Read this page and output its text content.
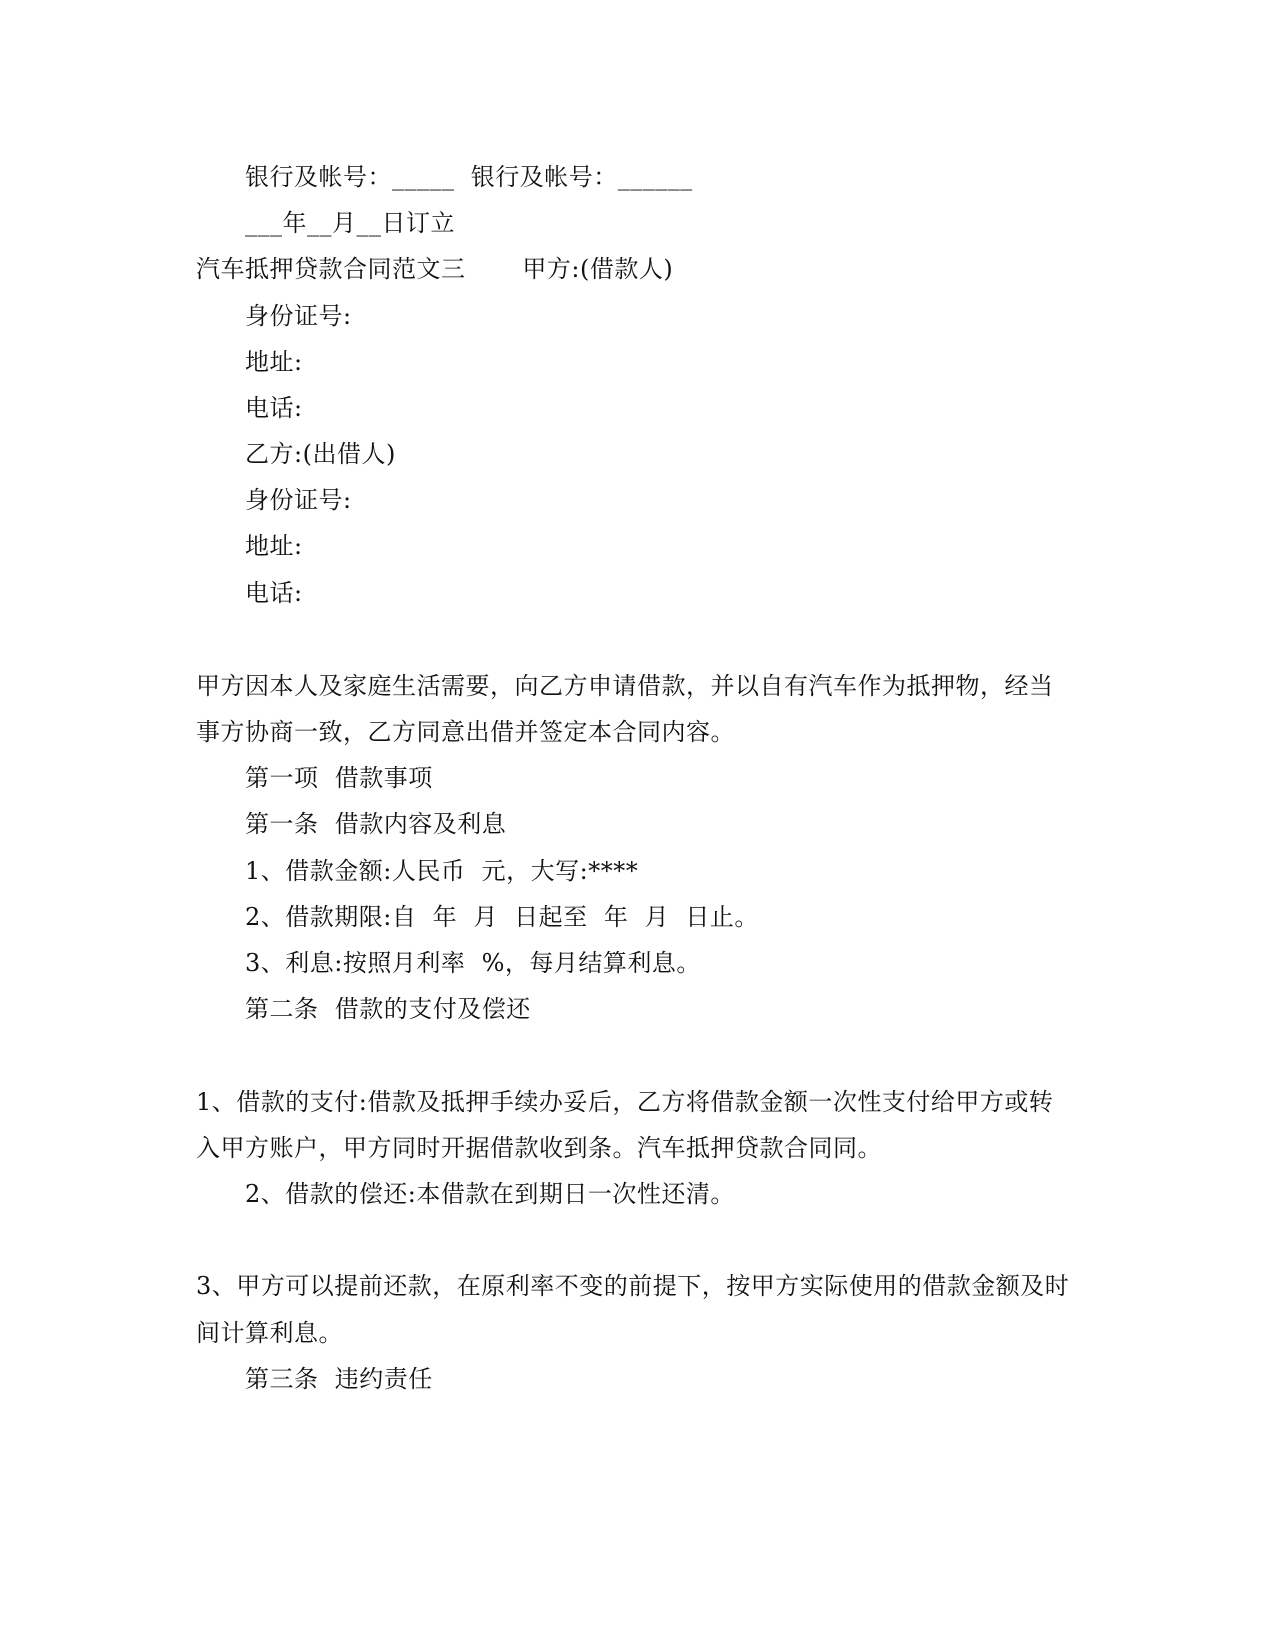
银行及帐号：_____  银行及帐号：______
___年__月__日订立
汽车抵押贷款合同范文三       甲方:(借款人)
身份证号:
地址:
电话:
乙方:(出借人)
身份证号:
地址:
电话:
甲方因本人及家庭生活需要，向乙方申请借款，并以自有汽车作为抵押物，经当
事方协商一致，乙方同意出借并签定本合同内容。
第一项  借款事项
第一条  借款内容及利息
1、借款金额:人民币  元，大写:****
2、借款期限:自  年  月  日起至  年  月  日止。
3、利息:按照月利率  %，每月结算利息。
第二条  借款的支付及偿还
1、借款的支付:借款及抵押手续办妥后，乙方将借款金额一次性支付给甲方或转
入甲方账户，甲方同时开据借款收到条。汽车抵押贷款合同同。
2、借款的偿还:本借款在到期日一次性还清。
3、甲方可以提前还款，在原利率不变的前提下，按甲方实际使用的借款金额及时
间计算利息。
第三条  违约责任
